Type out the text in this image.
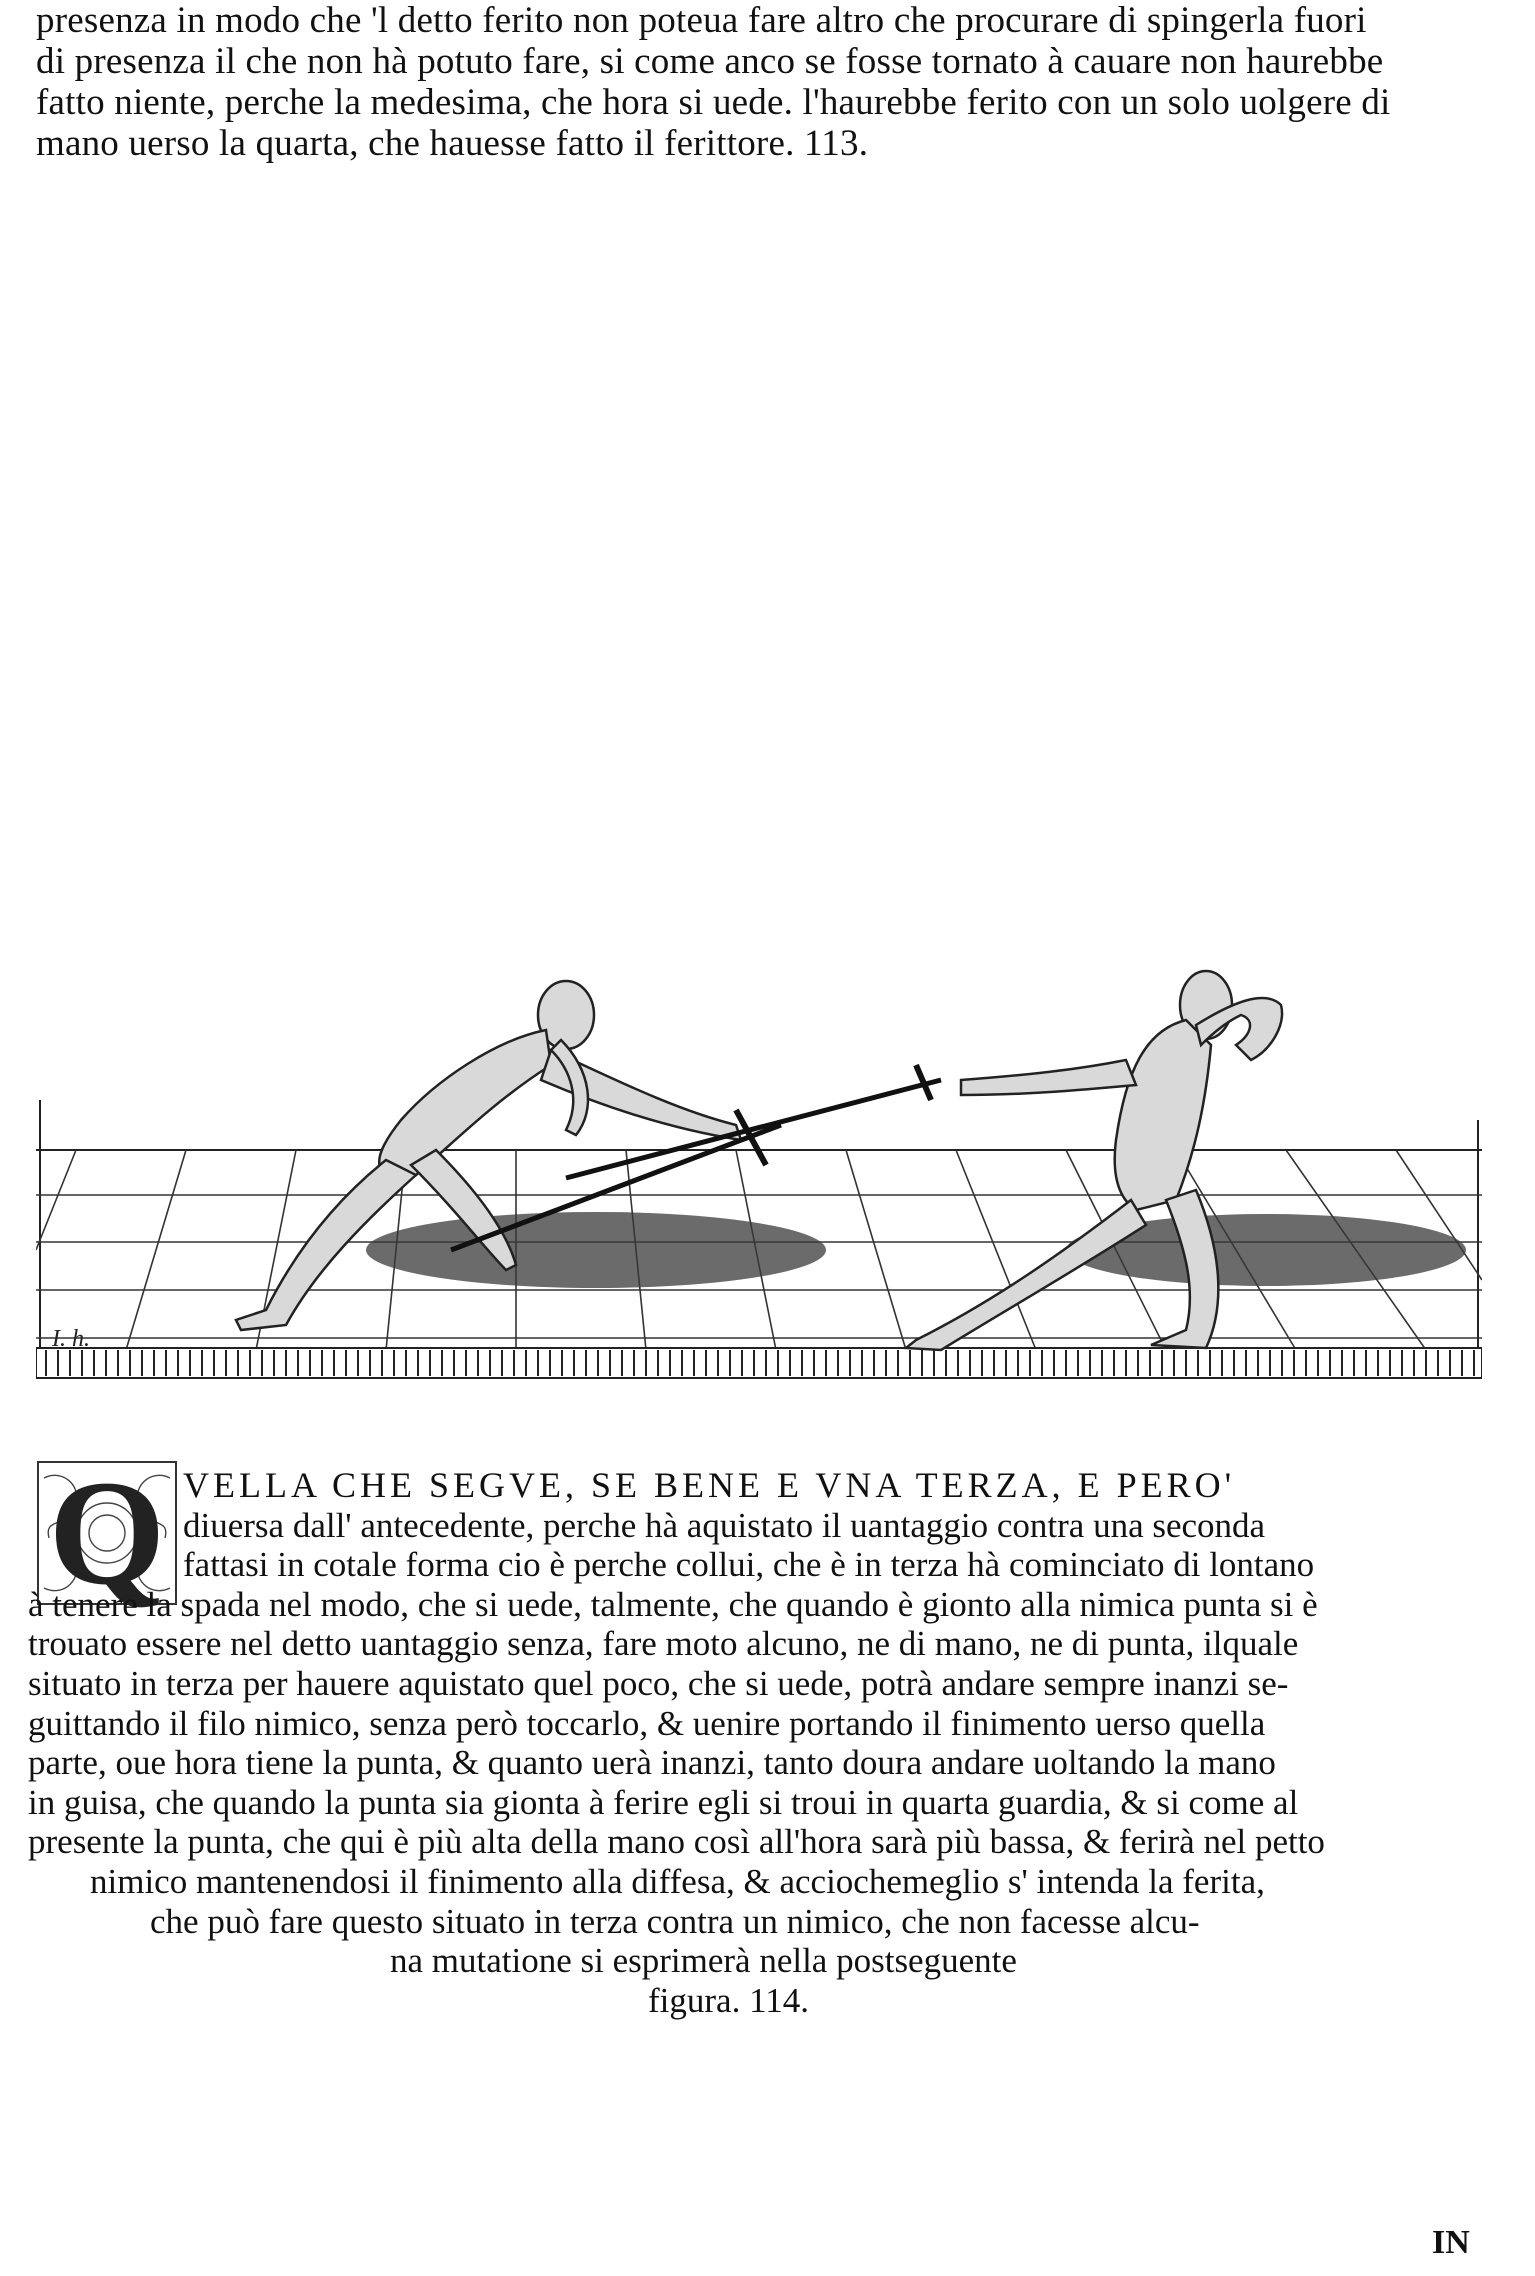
presenza in modo che 'l detto ferito non poteua fare altro che procurare di spingerla fuori
di presenza il che non hà potuto fare, si come anco se fosse tornato à cauare non haurebbe
fatto niente, perche la medesima, che hora si uede. l'haurebbe ferito con un solo uolgere di
mano uerso la quarta, che hauesse fatto il ferittore. 113.
I. h.
Q VELLA CHE SEGVE, SE BENE E VNA TERZA, E PERO'
diuersa dall' antecedente, perche hà aquistato il uantaggio contra una seconda
fattasi in cotale forma cio è perche collui, che è in terza hà cominciato di lontano
à tenere la spada nel modo, che si uede, talmente, che quando è gionto alla nimica punta si è
trouato essere nel detto uantaggio senza, fare moto alcuno, ne di mano, ne di punta, ilquale
situato in terza per hauere aquistato quel poco, che si uede, potrà andare sempre inanzi se-
guittando il filo nimico, senza però toccarlo, & uenire portando il finimento uerso quella
parte, oue hora tiene la punta, & quanto uerà inanzi, tanto doura andare uoltando la mano
in guisa, che quando la punta sia gionta à ferire egli si troui in quarta guardia, & si come al
presente la punta, che qui è più alta della mano così all'hora sarà più bassa, & ferirà nel petto
nimico mantenendosi il finimento alla diffesa, & acciochemeglio s' intenda la ferita,
che può fare questo situato in terza contra un nimico, che non facesse alcu-
na mutatione si esprimerà nella postseguente
figura. 114.
IN
